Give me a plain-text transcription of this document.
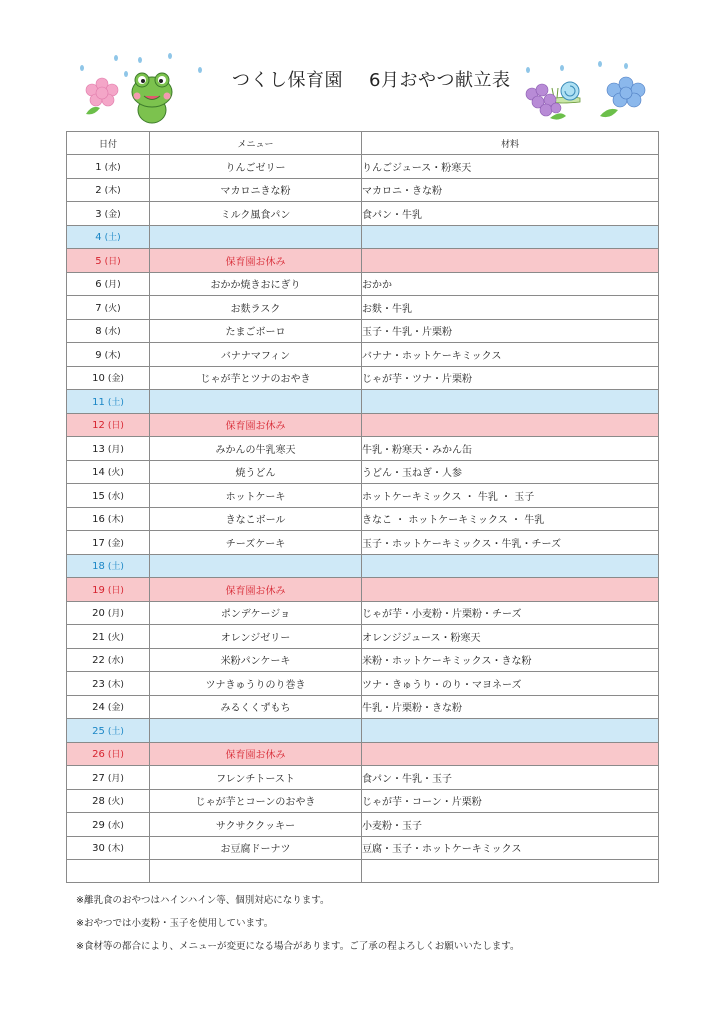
つくし保育園 6月おやつ献立表
日付	メニュー	材料
1 (水)	りんごゼリー	りんごジュース・粉寒天
2 (木)	マカロニきな粉	マカロニ・きな粉
3 (金)	ミルク風食パン	食パン・牛乳
4 (土)		
5 (日)	保育園お休み	
6 (月)	おかか焼きおにぎり	おかか
7 (火)	お麩ラスク	お麩・牛乳
8 (水)	たまごボーロ	玉子・牛乳・片栗粉
9 (木)	バナナマフィン	バナナ・ホットケーキミックス
10 (金)	じゃが芋とツナのおやき	じゃが芋・ツナ・片栗粉
11 (土)		
12 (日)	保育園お休み	
13 (月)	みかんの牛乳寒天	牛乳・粉寒天・みかん缶
14 (火)	焼うどん	うどん・玉ねぎ・人参
15 (水)	ホットケーキ	ホットケーキミックス ・ 牛乳 ・ 玉子
16 (木)	きなこボール	きなこ ・ ホットケーキミックス ・ 牛乳
17 (金)	チーズケーキ	玉子・ホットケーキミックス・牛乳・チーズ
18 (土)		
19 (日)	保育園お休み	
20 (月)	ポンデケージョ	じゃが芋・小麦粉・片栗粉・チーズ
21 (火)	オレンジゼリー	オレンジジュース・粉寒天
22 (水)	米粉パンケーキ	米粉・ホットケーキミックス・きな粉
23 (木)	ツナきゅうりのり巻き	ツナ・きゅうり・のり・マヨネーズ
24 (金)	みるくくずもち	牛乳・片栗粉・きな粉
25 (土)		
26 (日)	保育園お休み	
27 (月)	フレンチトースト	食パン・牛乳・玉子
28 (火)	じゃが芋とコーンのおやき	じゃが芋・コーン・片栗粉
29 (水)	サクサククッキー	小麦粉・玉子
30 (木)	お豆腐ドーナツ	豆腐・玉子・ホットケーキミックス

※離乳食のおやつはハインハイン等、個別対応になります。
※おやつでは小麦粉・玉子を使用しています。
※食材等の都合により、メニューが変更になる場合があります。ご了承の程よろしくお願いいたします。
